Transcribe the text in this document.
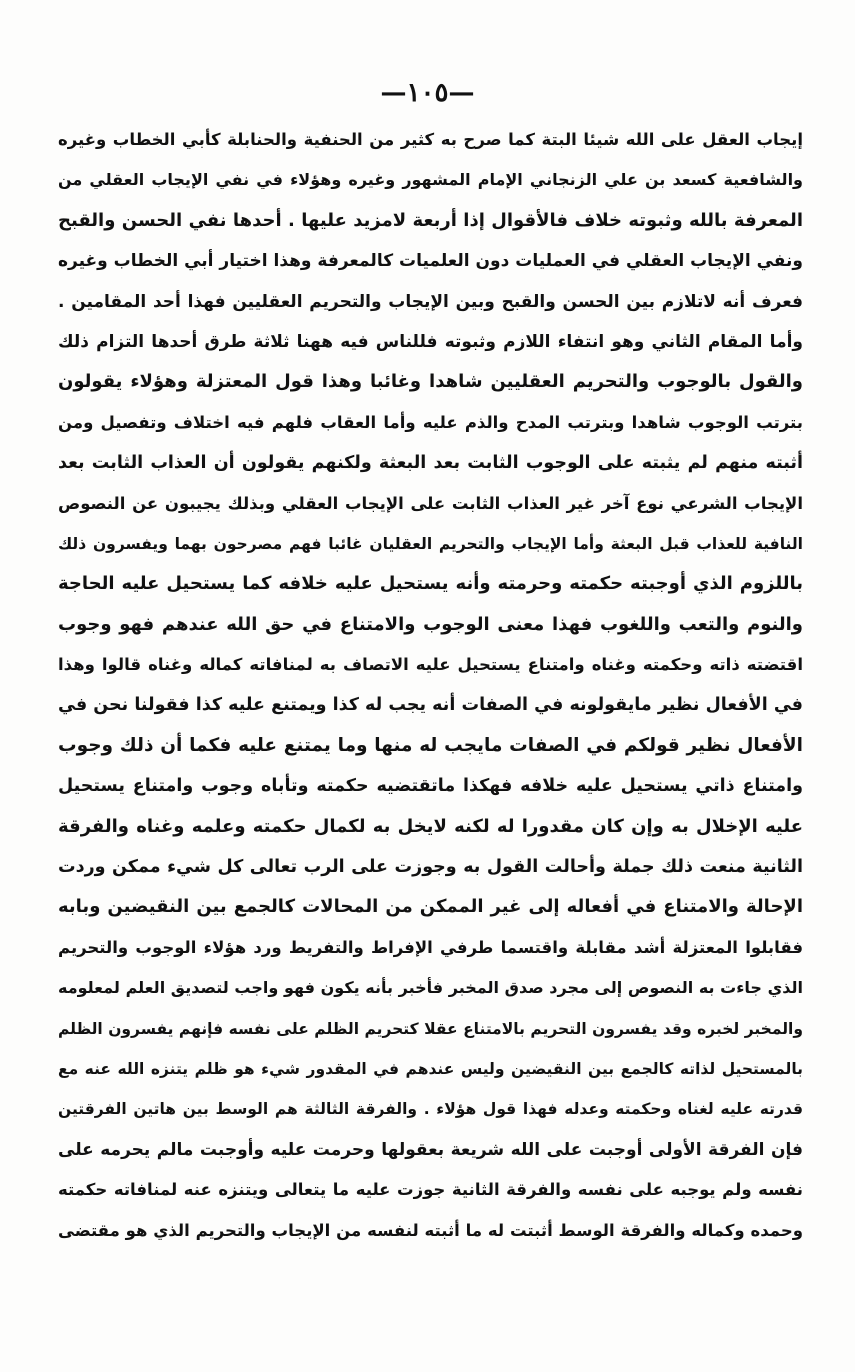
—١٠٥—
إيجاب العقل على الله شيئا البتة كما صرح به كثير من الحنفية والحنابلة كأبي الخطاب وغيره
والشافعية كسعد بن علي الزنجاني الإمام المشهور وغيره وهؤلاء في نفي الإيجاب العقلي من
المعرفة بالله وثبوته خلاف فالأقوال إذا أربعة لامزيد عليها . أحدها نفي الحسن والقبح
ونفي الإيجاب العقلي في العمليات دون العلميات كالمعرفة وهذا اختيار أبي الخطاب وغيره
فعرف أنه لاتلازم بين الحسن والقبح وبين الإيجاب والتحريم العقليين فهذا أحد المقامين .
وأما المقام الثاني وهو انتفاء اللازم وثبوته فللناس فيه ههنا ثلاثة طرق أحدها التزام ذلك
والقول بالوجوب والتحريم العقليين شاهدا وغائبا وهذا قول المعتزلة وهؤلاء يقولون
بترتب الوجوب شاهدا وبترتب المدح والذم عليه وأما العقاب فلهم فيه اختلاف وتفصيل ومن
أثبته منهم لم يثبته على الوجوب الثابت بعد البعثة ولكنهم يقولون أن العذاب الثابت بعد
الإيجاب الشرعي نوع آخر غير العذاب الثابت على الإيجاب العقلي وبذلك يجيبون عن النصوص
النافية للعذاب قبل البعثة وأما الإيجاب والتحريم العقليان غائبا فهم مصرحون بهما ويفسرون ذلك
باللزوم الذي أوجبته حكمته وحرمته وأنه يستحيل عليه خلافه كما يستحيل عليه الحاجة
والنوم والتعب واللغوب فهذا معنى الوجوب والامتناع في حق الله عندهم فهو وجوب
اقتضته ذاته وحكمته وغناه وامتناع يستحيل عليه الاتصاف به لمنافاته كماله وغناه قالوا وهذا
في الأفعال نظير مايقولونه في الصفات أنه يجب له كذا ويمتنع عليه كذا فقولنا نحن في
الأفعال نظير قولكم في الصفات مايجب له منها وما يمتنع عليه فكما أن ذلك وجوب
وامتناع ذاتي يستحيل عليه خلافه فهكذا ماتقتضيه حكمته وتأباه وجوب وامتناع يستحيل
عليه الإخلال به وإن كان مقدورا له لكنه لايخل به لكمال حكمته وعلمه وغناه والفرقة
الثانية منعت ذلك جملة وأحالت القول به وجوزت على الرب تعالى كل شيء ممكن وردت
الإحالة والامتناع في أفعاله إلى غير الممكن من المحالات كالجمع بين النقيضين وبابه
فقابلوا المعتزلة أشد مقابلة واقتسما طرفي الإفراط والتفريط ورد هؤلاء الوجوب والتحريم
الذي جاءت به النصوص إلى مجرد صدق المخبر فأخبر بأنه يكون فهو واجب لتصديق العلم لمعلومه
والمخبر لخبره وقد يفسرون التحريم بالامتناع عقلا كتحريم الظلم على نفسه فإنهم يفسرون الظلم
بالمستحيل لذاته كالجمع بين النقيضين وليس عندهم في المقدور شيء هو ظلم يتنزه الله عنه مع
قدرته عليه لغناه وحكمته وعدله فهذا قول هؤلاء . والفرقة الثالثة هم الوسط بين هاتين الفرقتين
فإن الفرقة الأولى أوجبت على الله شريعة بعقولها وحرمت عليه وأوجبت مالم يحرمه على
نفسه ولم يوجبه على نفسه والفرقة الثانية جوزت عليه ما يتعالى ويتنزه عنه لمنافاته حكمته
وحمده وكماله والفرقة الوسط أثبتت له ما أثبته لنفسه من الإيجاب والتحريم الذي هو مقتضى
